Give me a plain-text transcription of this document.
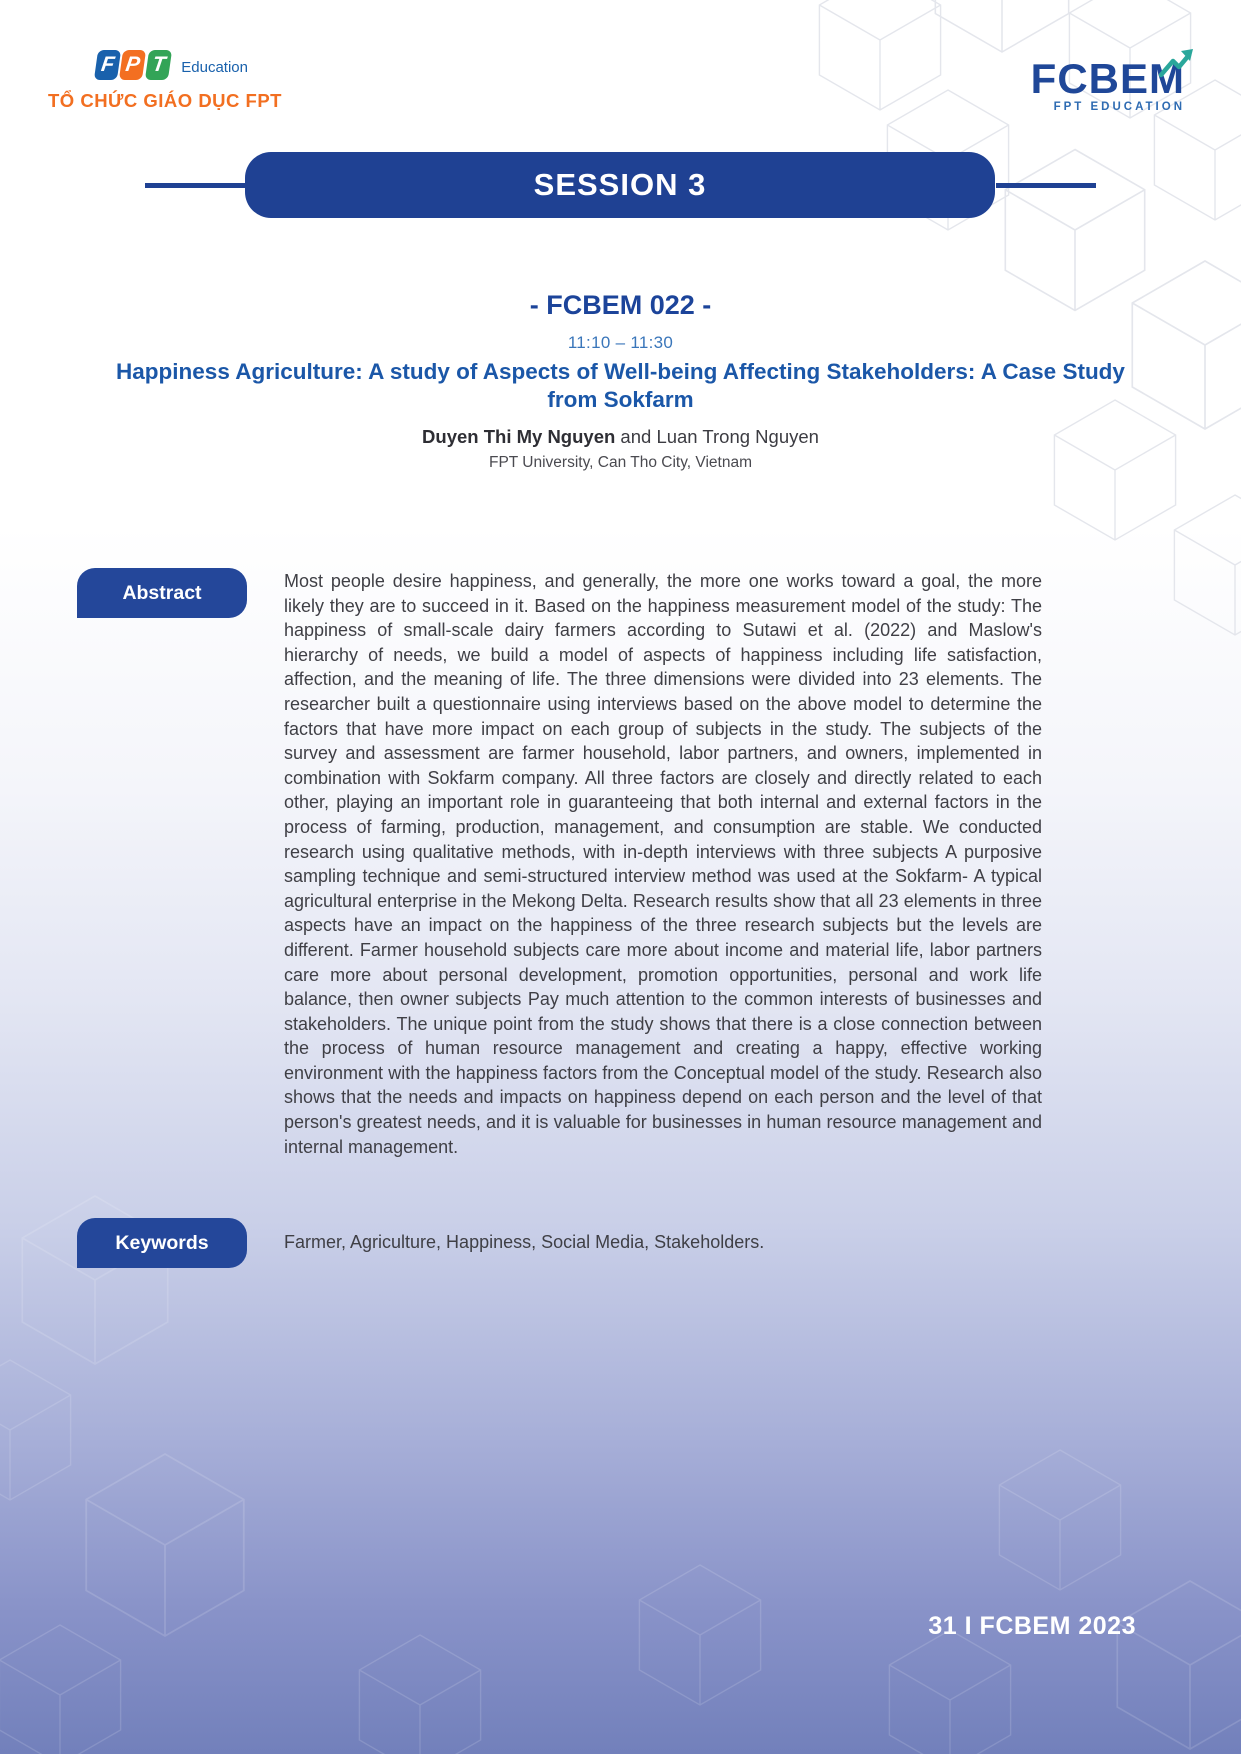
F P T Education
TỔ CHỨC GIÁO DỤC FPT	FCBEM
FPT EDUCATION
SESSION 3
- FCBEM 022 -
11:10 – 11:30
Happiness Agriculture: A study of Aspects of Well-being Affecting Stakeholders: A Case Study from Sokfarm
Duyen Thi My Nguyen and Luan Trong Nguyen
FPT University, Can Tho City, Vietnam
Abstract
Most people desire happiness, and generally, the more one works toward a goal, the more likely they are to succeed in it. Based on the happiness measurement model of the study: The happiness of small-scale dairy farmers according to Sutawi et al. (2022) and Maslow's hierarchy of needs, we build a model of aspects of happiness including life satisfaction, affection, and the meaning of life. The three dimensions were divided into 23 elements. The researcher built a questionnaire using interviews based on the above model to determine the factors that have more impact on each group of subjects in the study. The subjects of the survey and assessment are farmer household, labor partners, and owners, implemented in combination with Sokfarm company. All three factors are closely and directly related to each other, playing an important role in guaranteeing that both internal and external factors in the process of farming, production, management, and consumption are stable. We conducted research using qualitative methods, with in-depth interviews with three subjects A purposive sampling technique and semi-structured interview method was used at the Sokfarm- A typical agricultural enterprise in the Mekong Delta. Research results show that all 23 elements in three aspects have an impact on the happiness of the three research subjects but the levels are different. Farmer household subjects care more about income and material life, labor partners care more about personal development, promotion opportunities, personal and work life balance, then owner subjects Pay much attention to the common interests of businesses and stakeholders. The unique point from the study shows that there is a close connection between the process of human resource management and creating a happy, effective working environment with the happiness factors from the Conceptual model of the study. Research also shows that the needs and impacts on happiness depend on each person and the level of that person's greatest needs, and it is valuable for businesses in human resource management and internal management.
Keywords	Farmer, Agriculture, Happiness, Social Media, Stakeholders.
31 I FCBEM 2023
